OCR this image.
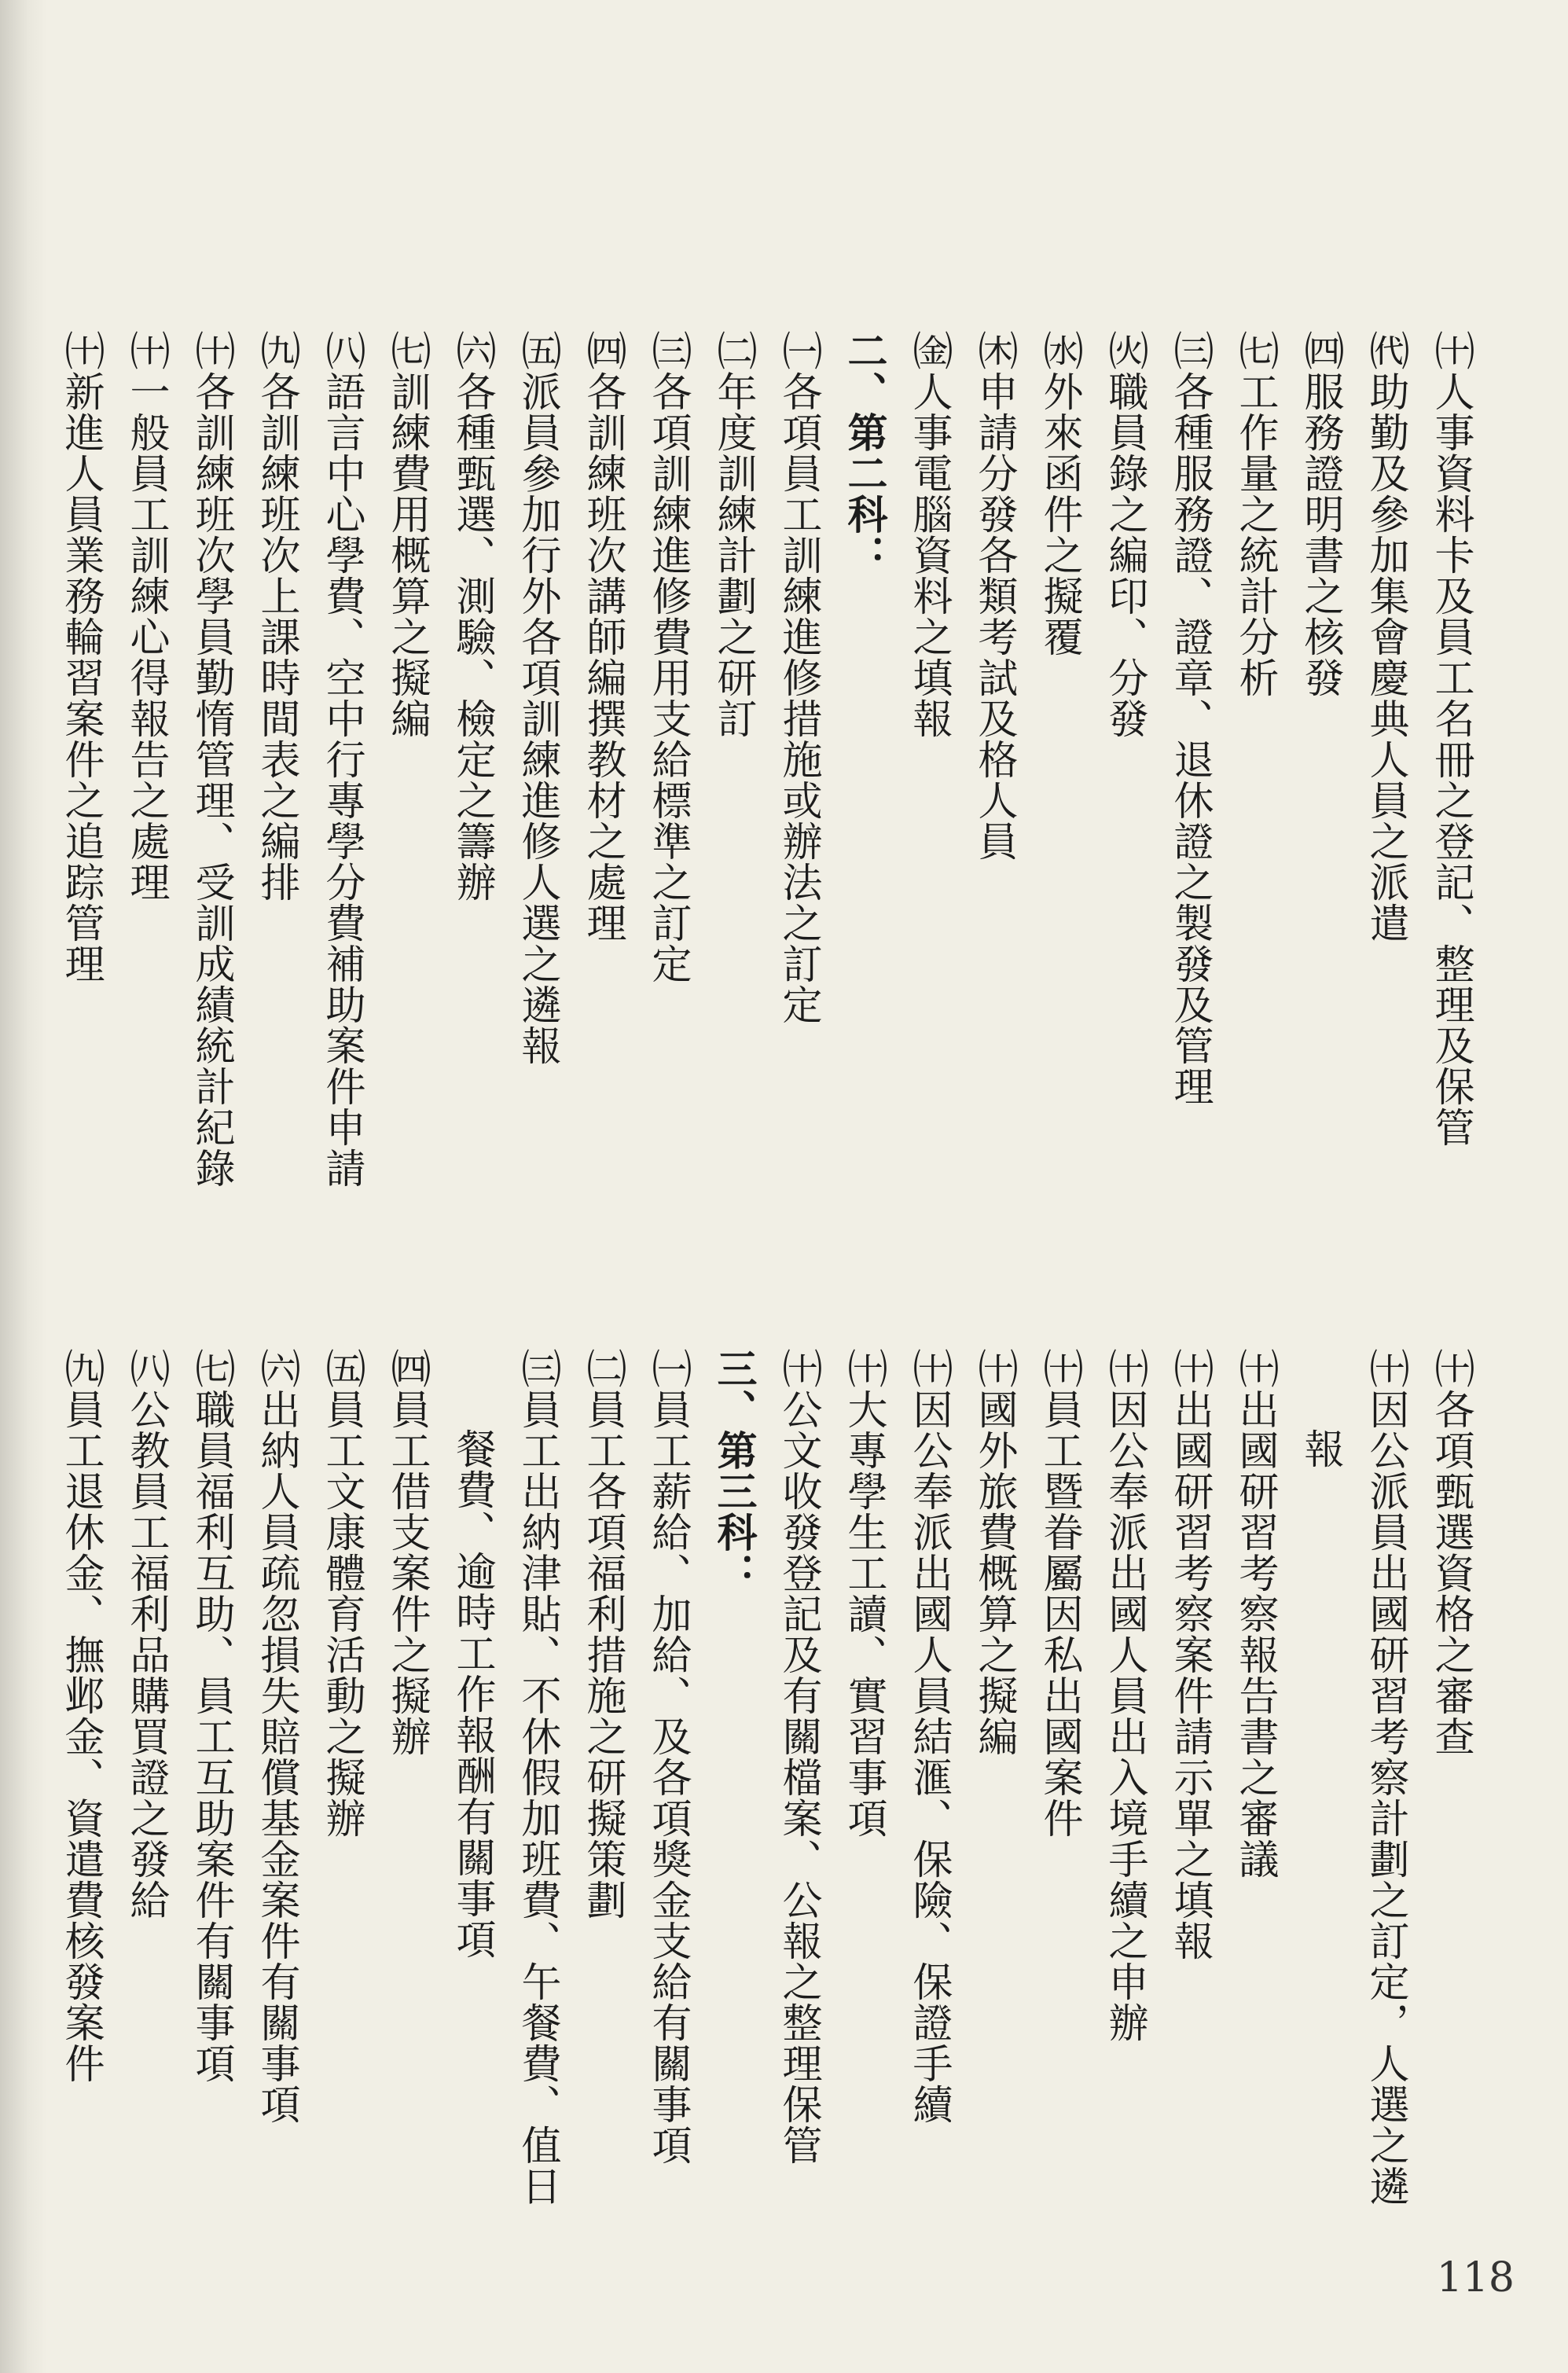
㈩人事資料卡及員工名冊之登記、整理及保管
㈹助勤及參加集會慶典人員之派遣
㈣服務證明書之核發
㈦工作量之統計分析
㈢各種服務證、證章、退休證之製發及管理
㈫職員錄之編印、分發
㈬外來函件之擬覆
㈭申請分發各類考試及格人員
㈮人事電腦資料之填報
二、第二科：
㈠各項員工訓練進修措施或辦法之訂定
㈡年度訓練計劃之研訂
㈢各項訓練進修費用支給標準之訂定
㈣各訓練班次講師編撰教材之處理
㈤派員參加行外各項訓練進修人選之遴報
㈥各種甄選、測驗、檢定之籌辦
㈦訓練費用概算之擬編
㈧語言中心學費、空中行專學分費補助案件申請
㈨各訓練班次上課時間表之編排
㈩各訓練班次學員勤惰管理、受訓成績統計紀錄
㈩一般員工訓練心得報告之處理
㈩新進人員業務輪習案件之追踪管理
㈩各項甄選資格之審查
㈩因公派員出國研習考察計劃之訂定，人選之遴
報
㈩出國研習考察報告書之審議
㈩出國研習考察案件請示單之填報
㈩因公奉派出國人員出入境手續之申辦
㈩員工暨眷屬因私出國案件
㈩國外旅費概算之擬編
㈩因公奉派出國人員結滙、保險、保證手續
㈩大專學生工讀、實習事項
㈩公文收發登記及有關檔案、公報之整理保管
三、第三科：
㈠員工薪給、加給、及各項獎金支給有關事項
㈡員工各項福利措施之研擬策劃
㈢員工出納津貼、不休假加班費、午餐費、值日
餐費、逾時工作報酬有關事項
㈣員工借支案件之擬辦
㈤員工文康體育活動之擬辦
㈥出納人員疏忽損失賠償基金案件有關事項
㈦職員福利互助、員工互助案件有關事項
㈧公教員工福利品購買證之發給
㈨員工退休金、撫邺金、資遣費核發案件
118
